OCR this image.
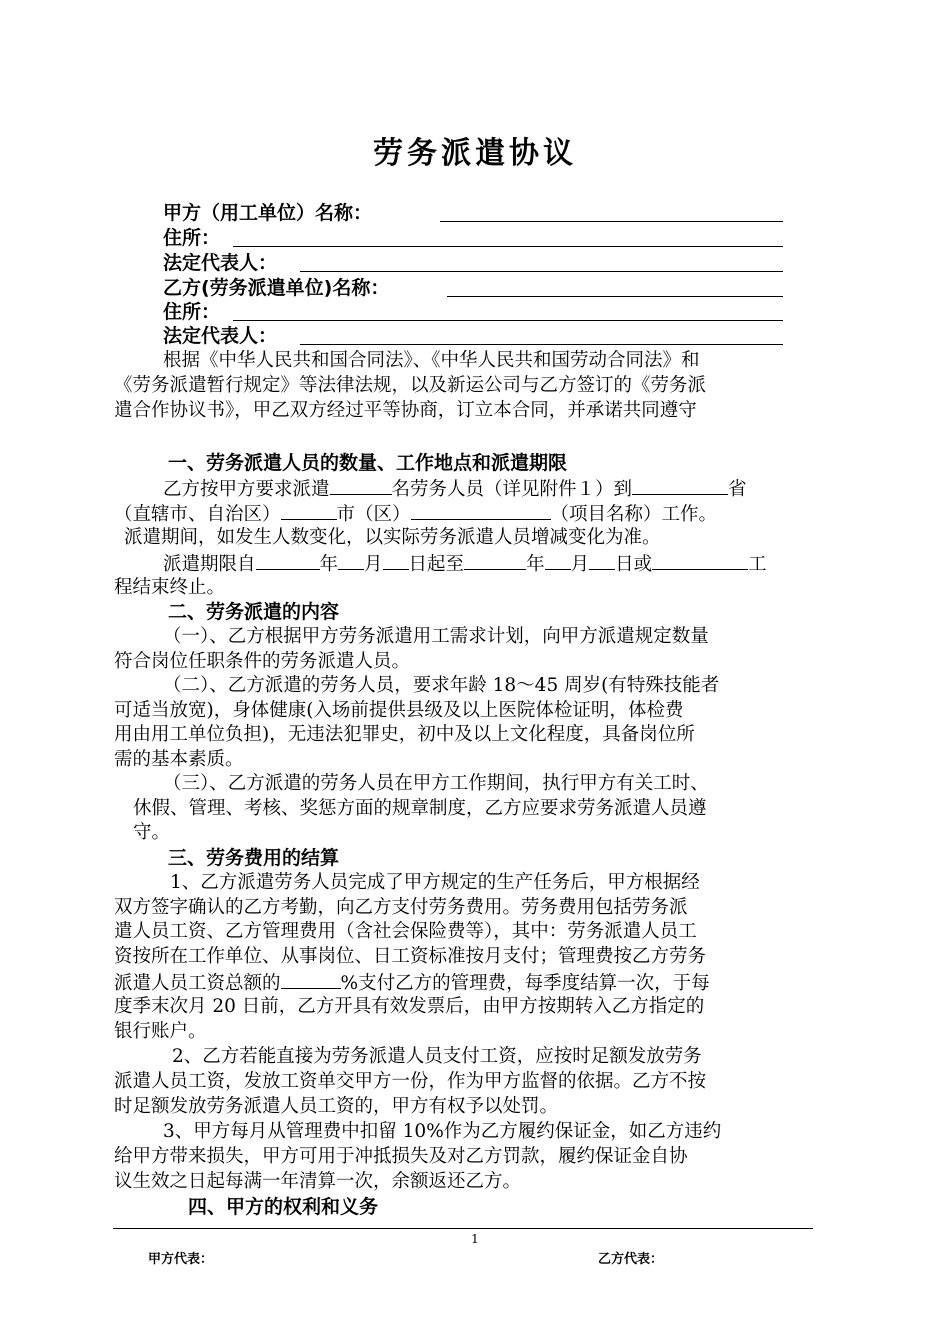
劳务派遣协议
甲方（用工单位）名称：
住所：
法定代表人：
乙方(劳务派遣单位)名称：
住所：
法定代表人：
根据《中华人民共和国合同法》、《中华人民共和国劳动合同法》和
《劳务派遣暂行规定》等法律法规，以及新运公司与乙方签订的《劳务派
遣合作协议书》，甲乙双方经过平等协商，订立本合同，并承诺共同遵守
一、劳务派遣人员的数量、工作地点和派遣期限
乙方按甲方要求派遣	名劳务人员（详见附件１）到	省
（直辖市、自治区）	市（区）	（项目名称）工作。
派遣期间，如发生人数变化，以实际劳务派遣人员增减变化为准。
派遣期限自	年 月 日起至	年 月 日或	工
程结束终止。
二、劳务派遣的内容
（一）、乙方根据甲方劳务派遣用工需求计划，向甲方派遣规定数量
符合岗位任职条件的劳务派遣人员。
（二）、乙方派遣的劳务人员，要求年龄 18～45 周岁(有特殊技能者
可适当放宽)，身体健康(入场前提供县级及以上医院体检证明，体检费
用由用工单位负担)，无违法犯罪史，初中及以上文化程度，具备岗位所
需的基本素质。
（三）、乙方派遣的劳务人员在甲方工作期间，执行甲方有关工时、
休假、管理、考核、奖惩方面的规章制度，乙方应要求劳务派遣人员遵
守。
三、劳务费用的结算
1、乙方派遣劳务人员完成了甲方规定的生产任务后，甲方根据经
双方签字确认的乙方考勤，向乙方支付劳务费用。劳务费用包括劳务派
遣人员工资、乙方管理费用（含社会保险费等），其中：劳务派遣人员工
资按所在工作单位、从事岗位、日工资标准按月支付；管理费按乙方劳务
派遣人员工资总额的	%支付乙方的管理费，每季度结算一次，于每
度季末次月 20 日前，乙方开具有效发票后，由甲方按期转入乙方指定的
银行账户。
2、乙方若能直接为劳务派遣人员支付工资，应按时足额发放劳务
派遣人员工资，发放工资单交甲方一份，作为甲方监督的依据。乙方不按
时足额发放劳务派遣人员工资的，甲方有权予以处罚。
3、甲方每月从管理费中扣留 10%作为乙方履约保证金，如乙方违约
给甲方带来损失，甲方可用于冲抵损失及对乙方罚款，履约保证金自协
议生效之日起每满一年清算一次，余额返还乙方。
四、甲方的权利和义务
1
甲方代表：	乙方代表：
